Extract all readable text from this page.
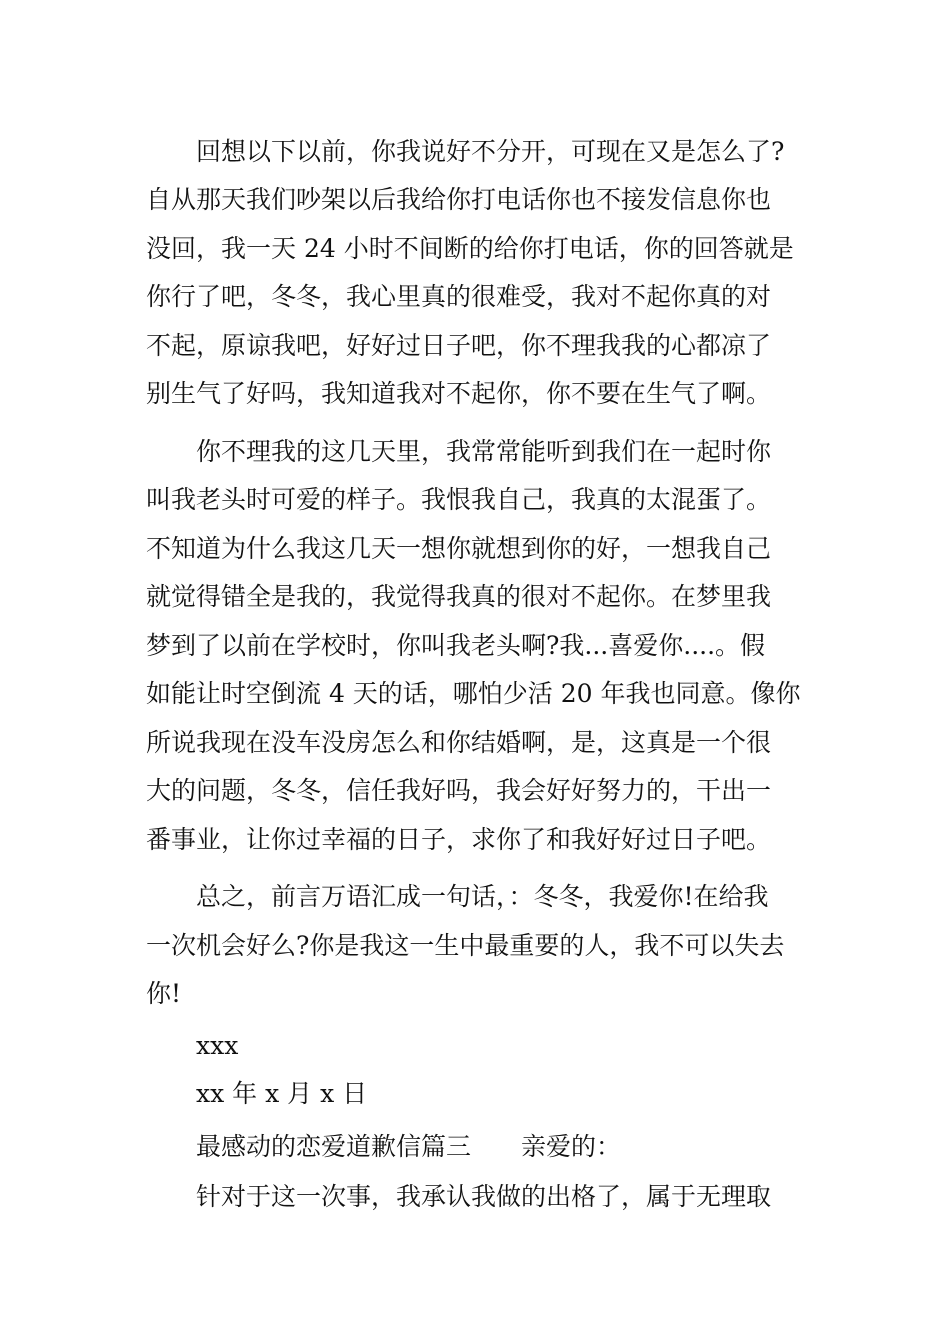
回想以下以前，你我说好不分开，可现在又是怎么了?

自从那天我们吵架以后我给你打电话你也不接发信息你也

没回，我一天 24 小时不间断的给你打电话，你的回答就是

你行了吧，冬冬，我心里真的很难受，我对不起你真的对

不起，原谅我吧，好好过日子吧，你不理我我的心都凉了

别生气了好吗，我知道我对不起你，你不要在生气了啊。

你不理我的这几天里，我常常能听到我们在一起时你

叫我老头时可爱的样子。我恨我自己，我真的太混蛋了。

不知道为什么我这几天一想你就想到你的好，一想我自己

就觉得错全是我的，我觉得我真的很对不起你。在梦里我

梦到了以前在学校时，你叫我老头啊?我...喜爱你....。假

如能让时空倒流 4 天的话，哪怕少活 20 年我也同意。像你

所说我现在没车没房怎么和你结婚啊，是，这真是一个很

大的问题，冬冬，信任我好吗，我会好好努力的，干出一

番事业，让你过幸福的日子，求你了和我好好过日子吧。

总之，前言万语汇成一句话，：冬冬，我爱你!在给我

一次机会好么?你是我这一生中最重要的人，我不可以失去

你!

xxx

xx 年 x 月 x 日

最感动的恋爱道歉信篇三 亲爱的：

针对于这一次事，我承认我做的出格了，属于无理取
